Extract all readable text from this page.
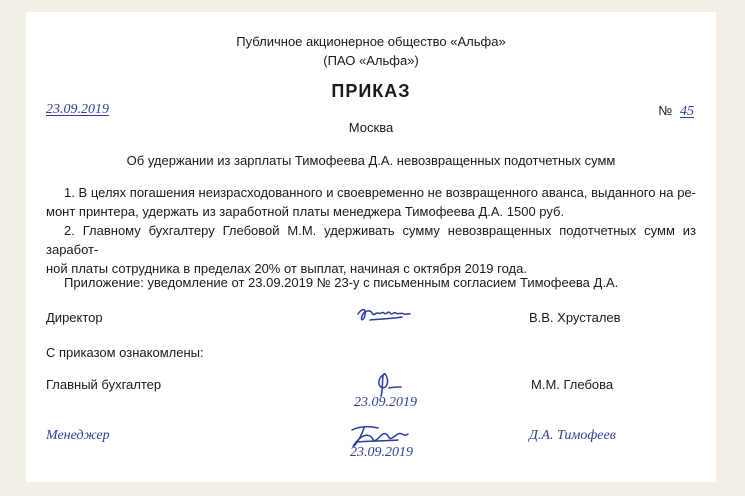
Публичное акционерное общество «Альфа»
(ПАО «Альфа»)
ПРИКАЗ
23.09.2019	№ 45
Москва
Об удержании из зарплаты Тимофеева Д.А. невозвращенных подотчетных сумм

1. В целях погашения неизрасходованного и своевременно не возвращенного аванса, выданного на ре-

монт принтера, удержать из заработной платы менеджера Тимофеева Д.А. 1500 руб.

2. Главному бухгалтеру Глебовой М.М. удерживать сумму невозвращенных подотчетных сумм из заработ-

ной платы сотрудника в пределах 20% от выплат, начиная с октября 2019 года.

Приложение: уведомление от 23.09.2019 № 23-у с письменным согласием Тимофеева Д.А.
Директор	В.В. Хрусталев
С приказом ознакомлены:
Главный бухгалтер
23.09.2019
М.М. Глебова
Менеджер
23.09.2019
Д.А. Тимофеев
